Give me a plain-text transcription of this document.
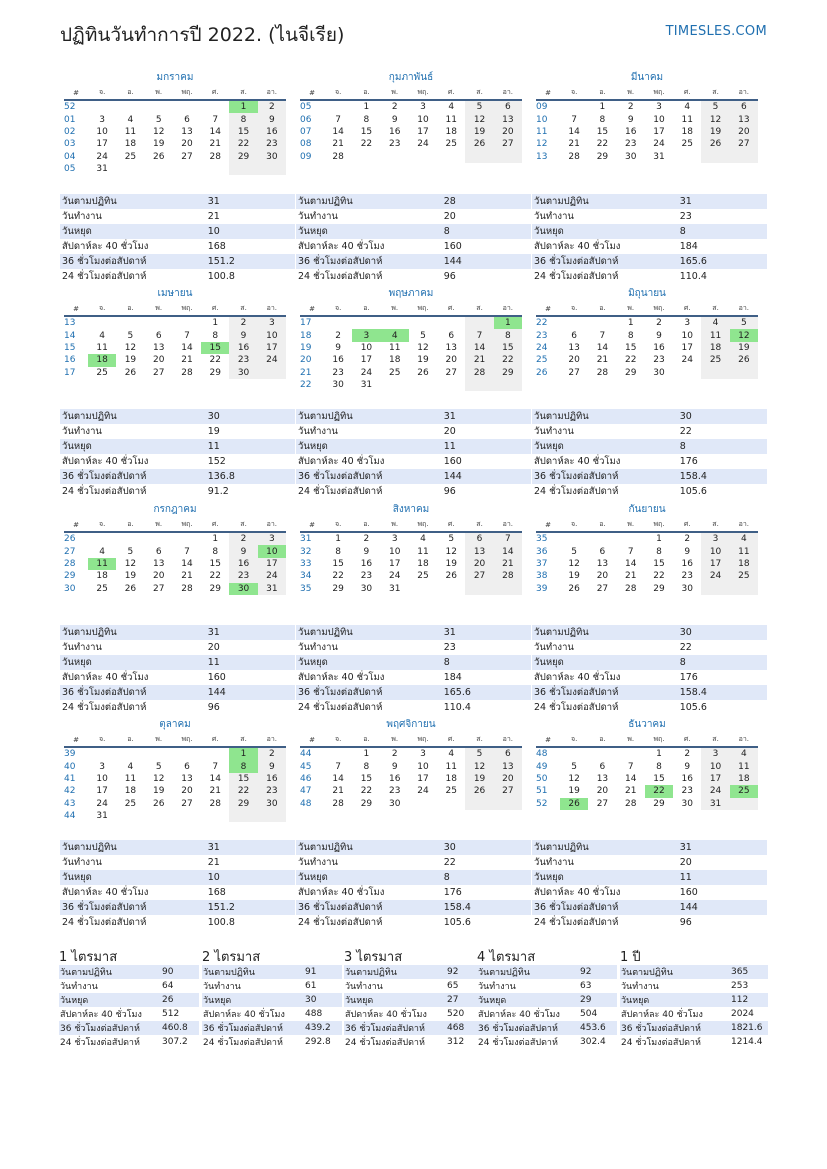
ปฏิทินวันทำการปี 2022. (ไนจีเรีย)	TIMESLES.COM
มกราคม
#	จ.	อ.	พ.	พฤ.	ศ.	ส.	อา.
52						1	2
01	3	4	5	6	7	8	9
02	10	11	12	13	14	15	16
03	17	18	19	20	21	22	23
04	24	25	26	27	28	29	30
05	31						
วันตามปฏิทิน	31
วันทำงาน	21
วันหยุด	10
สัปดาห์ละ 40 ชั่วโมง	168
36 ชั่วโมงต่อสัปดาห์	151.2
24 ชั่วโมงต่อสัปดาห์	100.8
กุมภาพันธ์
#	จ.	อ.	พ.	พฤ.	ศ.	ส.	อา.
05		1	2	3	4	5	6
06	7	8	9	10	11	12	13
07	14	15	16	17	18	19	20
08	21	22	23	24	25	26	27
09	28						
วันตามปฏิทิน	28
วันทำงาน	20
วันหยุด	8
สัปดาห์ละ 40 ชั่วโมง	160
36 ชั่วโมงต่อสัปดาห์	144
24 ชั่วโมงต่อสัปดาห์	96
มีนาคม
#	จ.	อ.	พ.	พฤ.	ศ.	ส.	อา.
09		1	2	3	4	5	6
10	7	8	9	10	11	12	13
11	14	15	16	17	18	19	20
12	21	22	23	24	25	26	27
13	28	29	30	31			
วันตามปฏิทิน	31
วันทำงาน	23
วันหยุด	8
สัปดาห์ละ 40 ชั่วโมง	184
36 ชั่วโมงต่อสัปดาห์	165.6
24 ชั่วโมงต่อสัปดาห์	110.4
เมษายน
#	จ.	อ.	พ.	พฤ.	ศ.	ส.	อา.
13					1	2	3
14	4	5	6	7	8	9	10
15	11	12	13	14	15	16	17
16	18	19	20	21	22	23	24
17	25	26	27	28	29	30	
วันตามปฏิทิน	30
วันทำงาน	19
วันหยุด	11
สัปดาห์ละ 40 ชั่วโมง	152
36 ชั่วโมงต่อสัปดาห์	136.8
24 ชั่วโมงต่อสัปดาห์	91.2
พฤษภาคม
#	จ.	อ.	พ.	พฤ.	ศ.	ส.	อา.
17							1
18	2	3	4	5	6	7	8
19	9	10	11	12	13	14	15
20	16	17	18	19	20	21	22
21	23	24	25	26	27	28	29
22	30	31					
วันตามปฏิทิน	31
วันทำงาน	20
วันหยุด	11
สัปดาห์ละ 40 ชั่วโมง	160
36 ชั่วโมงต่อสัปดาห์	144
24 ชั่วโมงต่อสัปดาห์	96
มิถุนายน
#	จ.	อ.	พ.	พฤ.	ศ.	ส.	อา.
22			1	2	3	4	5
23	6	7	8	9	10	11	12
24	13	14	15	16	17	18	19
25	20	21	22	23	24	25	26
26	27	28	29	30			
วันตามปฏิทิน	30
วันทำงาน	22
วันหยุด	8
สัปดาห์ละ 40 ชั่วโมง	176
36 ชั่วโมงต่อสัปดาห์	158.4
24 ชั่วโมงต่อสัปดาห์	105.6
กรกฎาคม
#	จ.	อ.	พ.	พฤ.	ศ.	ส.	อา.
26					1	2	3
27	4	5	6	7	8	9	10
28	11	12	13	14	15	16	17
29	18	19	20	21	22	23	24
30	25	26	27	28	29	30	31
วันตามปฏิทิน	31
วันทำงาน	20
วันหยุด	11
สัปดาห์ละ 40 ชั่วโมง	160
36 ชั่วโมงต่อสัปดาห์	144
24 ชั่วโมงต่อสัปดาห์	96
สิงหาคม
#	จ.	อ.	พ.	พฤ.	ศ.	ส.	อา.
31	1	2	3	4	5	6	7
32	8	9	10	11	12	13	14
33	15	16	17	18	19	20	21
34	22	23	24	25	26	27	28
35	29	30	31				
วันตามปฏิทิน	31
วันทำงาน	23
วันหยุด	8
สัปดาห์ละ 40 ชั่วโมง	184
36 ชั่วโมงต่อสัปดาห์	165.6
24 ชั่วโมงต่อสัปดาห์	110.4
กันยายน
#	จ.	อ.	พ.	พฤ.	ศ.	ส.	อา.
35				1	2	3	4
36	5	6	7	8	9	10	11
37	12	13	14	15	16	17	18
38	19	20	21	22	23	24	25
39	26	27	28	29	30		
วันตามปฏิทิน	30
วันทำงาน	22
วันหยุด	8
สัปดาห์ละ 40 ชั่วโมง	176
36 ชั่วโมงต่อสัปดาห์	158.4
24 ชั่วโมงต่อสัปดาห์	105.6
ตุลาคม
#	จ.	อ.	พ.	พฤ.	ศ.	ส.	อา.
39						1	2
40	3	4	5	6	7	8	9
41	10	11	12	13	14	15	16
42	17	18	19	20	21	22	23
43	24	25	26	27	28	29	30
44	31						
วันตามปฏิทิน	31
วันทำงาน	21
วันหยุด	10
สัปดาห์ละ 40 ชั่วโมง	168
36 ชั่วโมงต่อสัปดาห์	151.2
24 ชั่วโมงต่อสัปดาห์	100.8
พฤศจิกายน
#	จ.	อ.	พ.	พฤ.	ศ.	ส.	อา.
44		1	2	3	4	5	6
45	7	8	9	10	11	12	13
46	14	15	16	17	18	19	20
47	21	22	23	24	25	26	27
48	28	29	30				
วันตามปฏิทิน	30
วันทำงาน	22
วันหยุด	8
สัปดาห์ละ 40 ชั่วโมง	176
36 ชั่วโมงต่อสัปดาห์	158.4
24 ชั่วโมงต่อสัปดาห์	105.6
ธันวาคม
#	จ.	อ.	พ.	พฤ.	ศ.	ส.	อา.
48				1	2	3	4
49	5	6	7	8	9	10	11
50	12	13	14	15	16	17	18
51	19	20	21	22	23	24	25
52	26	27	28	29	30	31	
วันตามปฏิทิน	31
วันทำงาน	20
วันหยุด	11
สัปดาห์ละ 40 ชั่วโมง	160
36 ชั่วโมงต่อสัปดาห์	144
24 ชั่วโมงต่อสัปดาห์	96
1 ไตรมาส
วันตามปฏิทิน	90
วันทำงาน	64
วันหยุด	26
สัปดาห์ละ 40 ชั่วโมง	512
36 ชั่วโมงต่อสัปดาห์	460.8
24 ชั่วโมงต่อสัปดาห์	307.2
2 ไตรมาส
วันตามปฏิทิน	91
วันทำงาน	61
วันหยุด	30
สัปดาห์ละ 40 ชั่วโมง	488
36 ชั่วโมงต่อสัปดาห์	439.2
24 ชั่วโมงต่อสัปดาห์	292.8
3 ไตรมาส
วันตามปฏิทิน	92
วันทำงาน	65
วันหยุด	27
สัปดาห์ละ 40 ชั่วโมง	520
36 ชั่วโมงต่อสัปดาห์	468
24 ชั่วโมงต่อสัปดาห์	312
4 ไตรมาส
วันตามปฏิทิน	92
วันทำงาน	63
วันหยุด	29
สัปดาห์ละ 40 ชั่วโมง	504
36 ชั่วโมงต่อสัปดาห์	453.6
24 ชั่วโมงต่อสัปดาห์	302.4
1 ปี
วันตามปฏิทิน	365
วันทำงาน	253
วันหยุด	112
สัปดาห์ละ 40 ชั่วโมง	2024
36 ชั่วโมงต่อสัปดาห์	1821.6
24 ชั่วโมงต่อสัปดาห์	1214.4
